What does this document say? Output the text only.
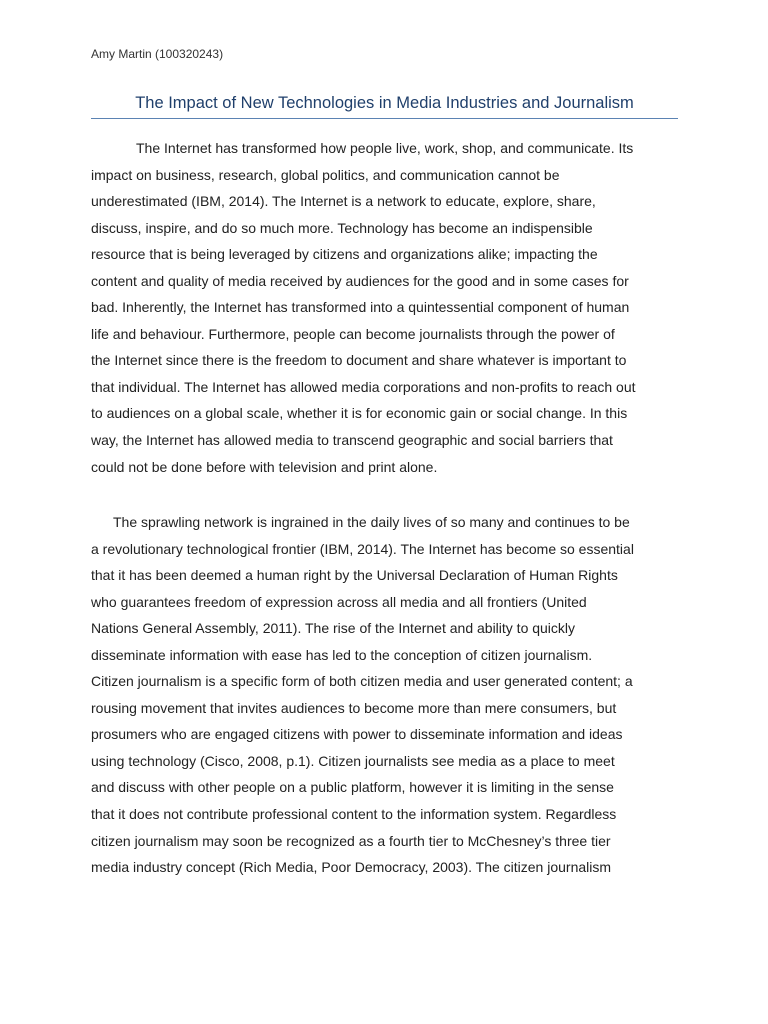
Amy Martin (100320243)
The Impact of New Technologies in Media Industries and Journalism
The Internet has transformed how people live, work, shop, and communicate. Its
impact on business, research, global politics, and communication cannot be
underestimated (IBM, 2014). The Internet is a network to educate, explore, share,
discuss, inspire, and do so much more. Technology has become an indispensible
resource that is being leveraged by citizens and organizations alike; impacting the
content and quality of media received by audiences for the good and in some cases for
bad. Inherently, the Internet has transformed into a quintessential component of human
life and behaviour. Furthermore, people can become journalists through the power of
the Internet since there is the freedom to document and share whatever is important to
that individual. The Internet has allowed media corporations and non-profits to reach out
to audiences on a global scale, whether it is for economic gain or social change. In this
way, the Internet has allowed media to transcend geographic and social barriers that
could not be done before with television and print alone.
The sprawling network is ingrained in the daily lives of so many and continues to be
a revolutionary technological frontier (IBM, 2014). The Internet has become so essential
that it has been deemed a human right by the Universal Declaration of Human Rights
who guarantees freedom of expression across all media and all frontiers (United
Nations General Assembly, 2011). The rise of the Internet and ability to quickly
disseminate information with ease has led to the conception of citizen journalism.
Citizen journalism is a specific form of both citizen media and user generated content; a
rousing movement that invites audiences to become more than mere consumers, but
prosumers who are engaged citizens with power to disseminate information and ideas
using technology (Cisco, 2008, p.1). Citizen journalists see media as a place to meet
and discuss with other people on a public platform, however it is limiting in the sense
that it does not contribute professional content to the information system. Regardless
citizen journalism may soon be recognized as a fourth tier to McChesney’s three tier
media industry concept (Rich Media, Poor Democracy, 2003). The citizen journalism
